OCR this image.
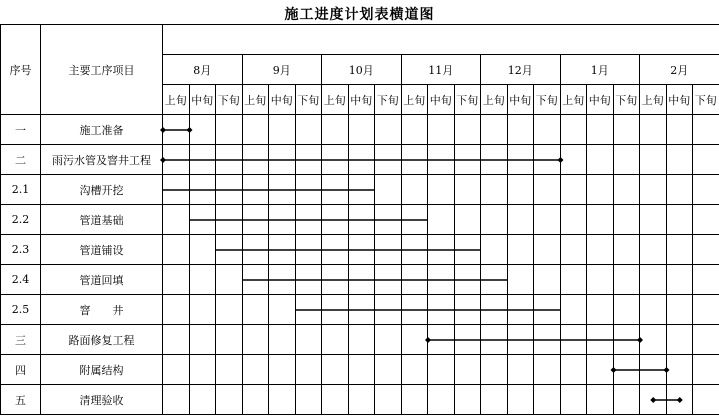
施工进度计划表横道图
序号	主要工序项目																					
		8月			9月			10月			11月			12月			1月			2月		
		上旬	中旬	下旬	上旬	中旬	下旬	上旬	中旬	下旬	上旬	中旬	下旬	上旬	中旬	下旬	上旬	中旬	下旬	上旬	中旬	下旬
一	施工准备																					
二	雨污水管及窨井工程																					
2.1	沟槽开挖																					
2.2	管道基础																					
2.3	管道铺设																					
2.4	管道回填																					
2.5	窨　　井																					
三	路面修复工程																					
四	附属结构																					
五	清理验收																					
